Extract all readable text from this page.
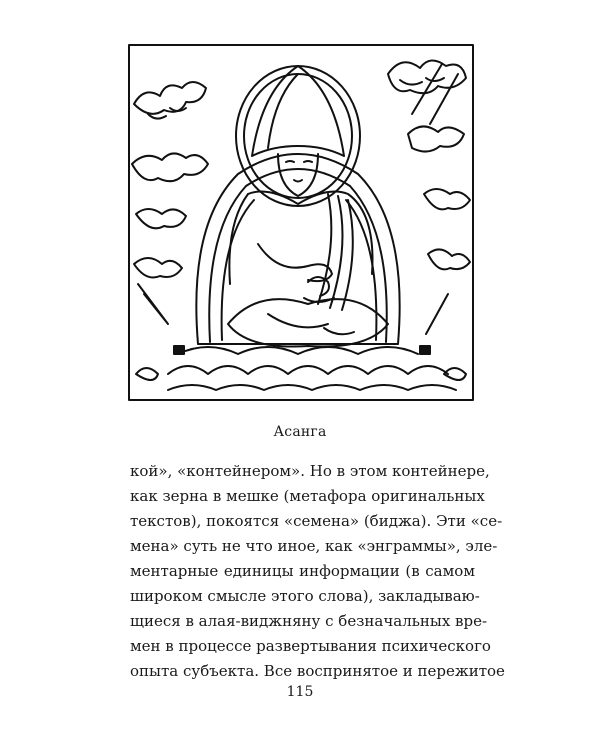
Асанга
кой», «контейнером». Но в этом контейнере,
как зерна в мешке (метафора оригинальных
текстов), покоятся «семена» (биджа). Эти «се-
мена» суть не что иное, как «энграммы», эле-
ментарные единицы информации (в самом
широком смысле этого слова), закладываю-
щиеся в алая-виджняну с безначальных вре-
мен в процессе развертывания психического
опыта субъекта. Все воспринятое и пережитое
115
